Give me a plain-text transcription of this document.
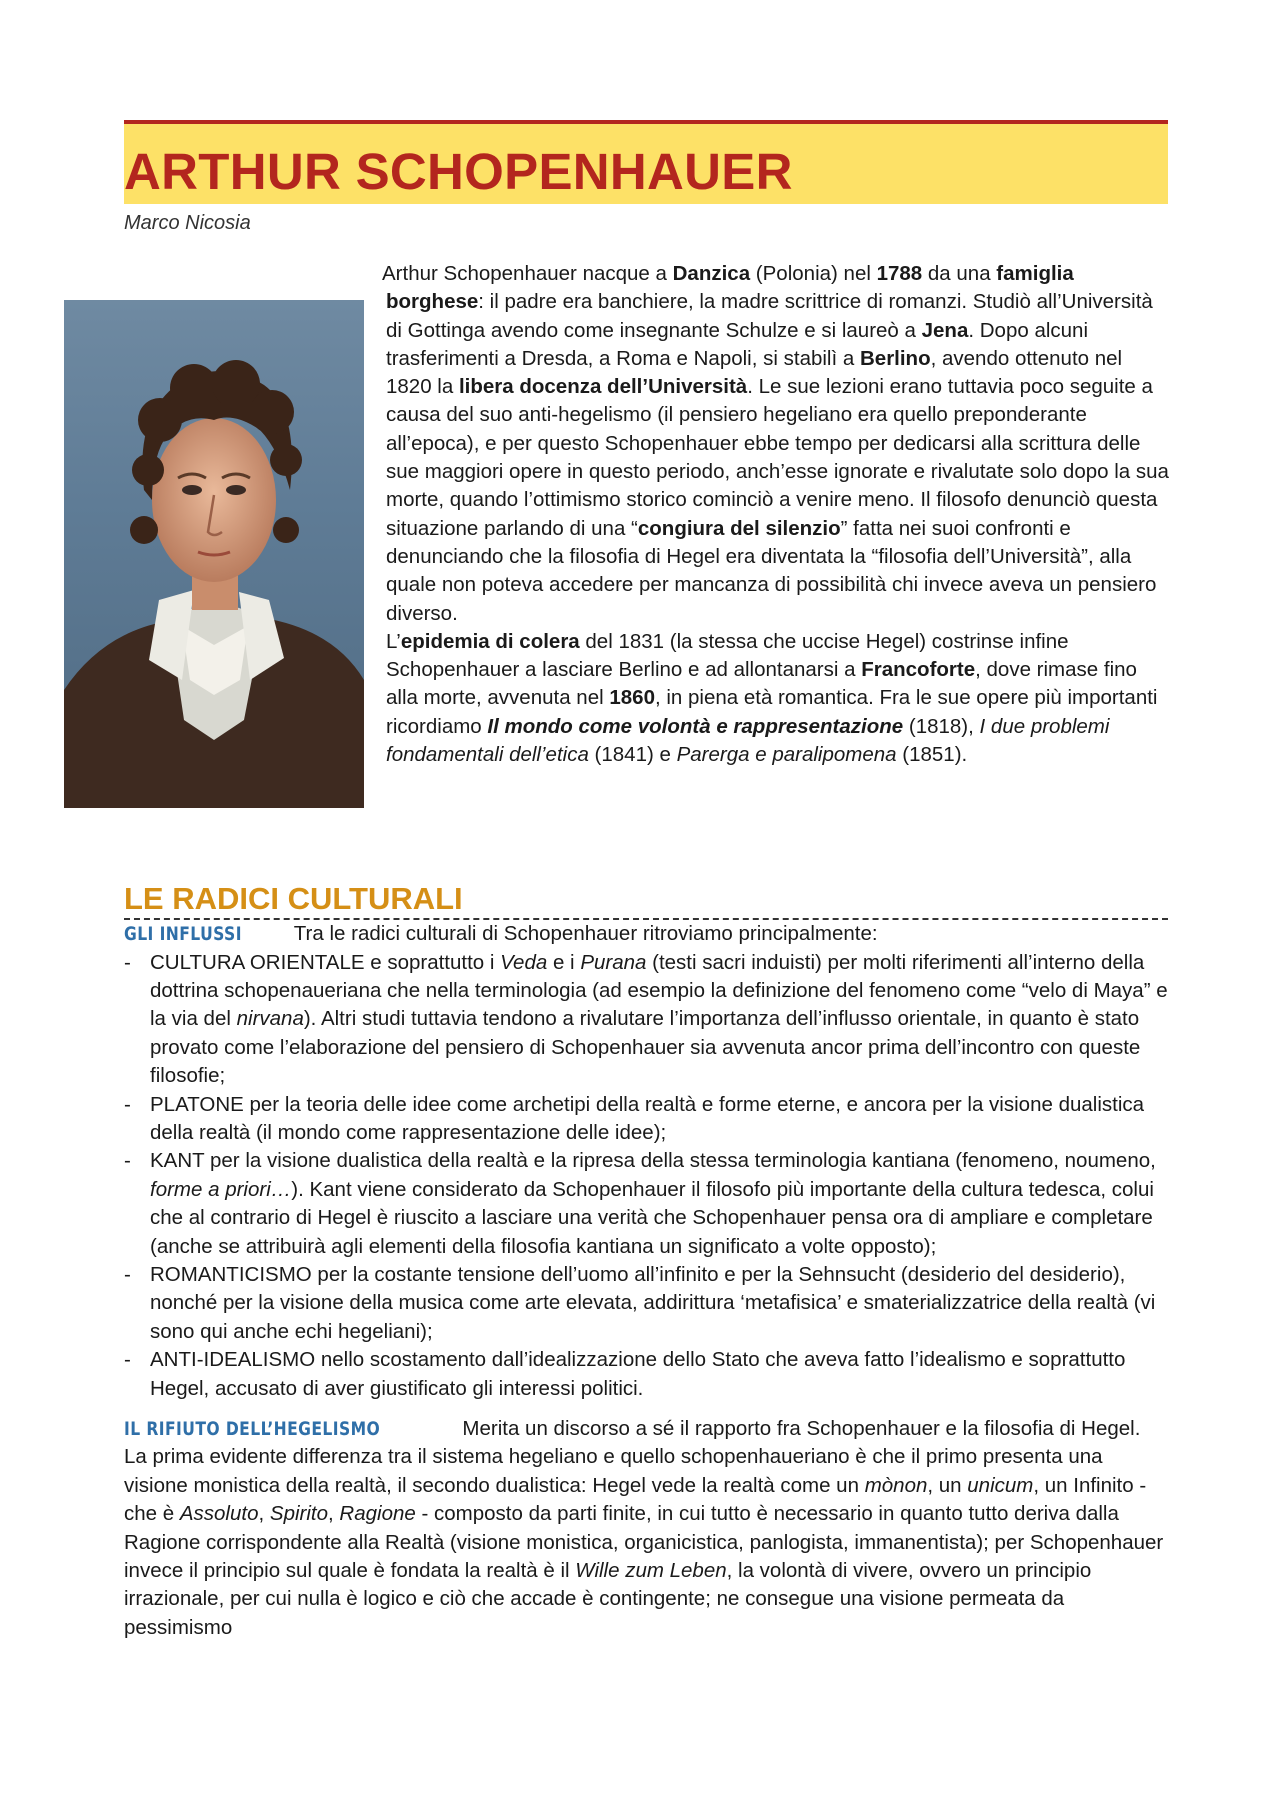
ARTHUR SCHOPENHAUER
Marco Nicosia

Arthur Schopenhauer nacque a Danzica (Polonia) nel 1788 da una famiglia borghese: il padre era banchiere, la madre scrittrice di romanzi. Studiò all’Università di Gottinga avendo come insegnante Schulze e si laureò a Jena. Dopo alcuni trasferimenti a Dresda, a Roma e Napoli, si stabilì a Berlino, avendo ottenuto nel 1820 la libera docenza dell’Università. Le sue lezioni erano tuttavia poco seguite a causa del suo anti-hegelismo (il pensiero hegeliano era quello preponderante all’epoca), e per questo Schopenhauer ebbe tempo per dedicarsi alla scrittura delle sue maggiori opere in questo periodo, anch’esse ignorate e rivalutate solo dopo la sua morte, quando l’ottimismo storico cominciò a venire meno. Il filosofo denunciò questa situazione parlando di una “congiura del silenzio” fatta nei suoi confronti e denunciando che la filosofia di Hegel era diventata la “filosofia dell’Università”, alla quale non poteva accedere per mancanza di possibilità chi invece aveva un pensiero diverso.

L’epidemia di colera del 1831 (la stessa che uccise Hegel) costrinse infine Schopenhauer a lasciare Berlino e ad allontanarsi a Francoforte, dove rimase fino alla morte, avvenuta nel 1860, in piena età romantica. Fra le sue opere più importanti ricordiamo Il mondo come volontà e rappresentazione (1818), I due problemi fondamentali dell’etica (1841) e Parerga e paralipomena (1851).

LE RADICI CULTURALI
GLI INFLUSSI	Tra le radici culturali di Schopenhauer ritroviamo principalmente:
- CULTURA ORIENTALE e soprattutto i Veda e i Purana (testi sacri induisti) per molti riferimenti all’interno della dottrina schopenaueriana che nella terminologia (ad esempio la definizione del fenomeno come “velo di Maya” e la via del nirvana). Altri studi tuttavia tendono a rivalutare l’importanza dell’influsso orientale, in quanto è stato provato come l’elaborazione del pensiero di Schopenhauer sia avvenuta ancor prima dell’incontro con queste filosofie;
- PLATONE per la teoria delle idee come archetipi della realtà e forme eterne, e ancora per la visione dualistica della realtà (il mondo come rappresentazione delle idee);
- KANT per la visione dualistica della realtà e la ripresa della stessa terminologia kantiana (fenomeno, noumeno, forme a priori…). Kant viene considerato da Schopenhauer il filosofo più importante della cultura tedesca, colui che al contrario di Hegel è riuscito a lasciare una verità che Schopenhauer pensa ora di ampliare e completare (anche se attribuirà agli elementi della filosofia kantiana un significato a volte opposto);
- ROMANTICISMO per la costante tensione dell’uomo all’infinito e per la Sehnsucht (desiderio del desiderio), nonché per la visione della musica come arte elevata, addirittura ‘metafisica’ e smaterializzatrice della realtà (vi sono qui anche echi hegeliani);
- ANTI-IDEALISMO nello scostamento dall’idealizzazione dello Stato che aveva fatto l’idealismo e soprattutto Hegel, accusato di aver giustificato gli interessi politici.
IL RIFIUTO DELL’HEGELISMO	Merita un discorso a sé il rapporto fra Schopenhauer e la filosofia di Hegel.      La prima evidente differenza tra il sistema hegeliano e quello schopenhaueriano è che il primo presenta una visione monistica della realtà, il secondo dualistica: Hegel vede la realtà come un mònon, un unicum, un Infinito - che è Assoluto, Spirito, Ragione - composto da parti finite, in cui tutto è necessario in quanto tutto deriva dalla Ragione corrispondente alla Realtà (visione monistica, organicistica, panlogista, immanentista); per Schopenhauer invece il principio sul quale è fondata la realtà è il Wille zum Leben, la volontà di vivere, ovvero un principio irrazionale, per cui nulla è logico e ciò che accade è contingente; ne consegue una visione permeata da pessimismo
